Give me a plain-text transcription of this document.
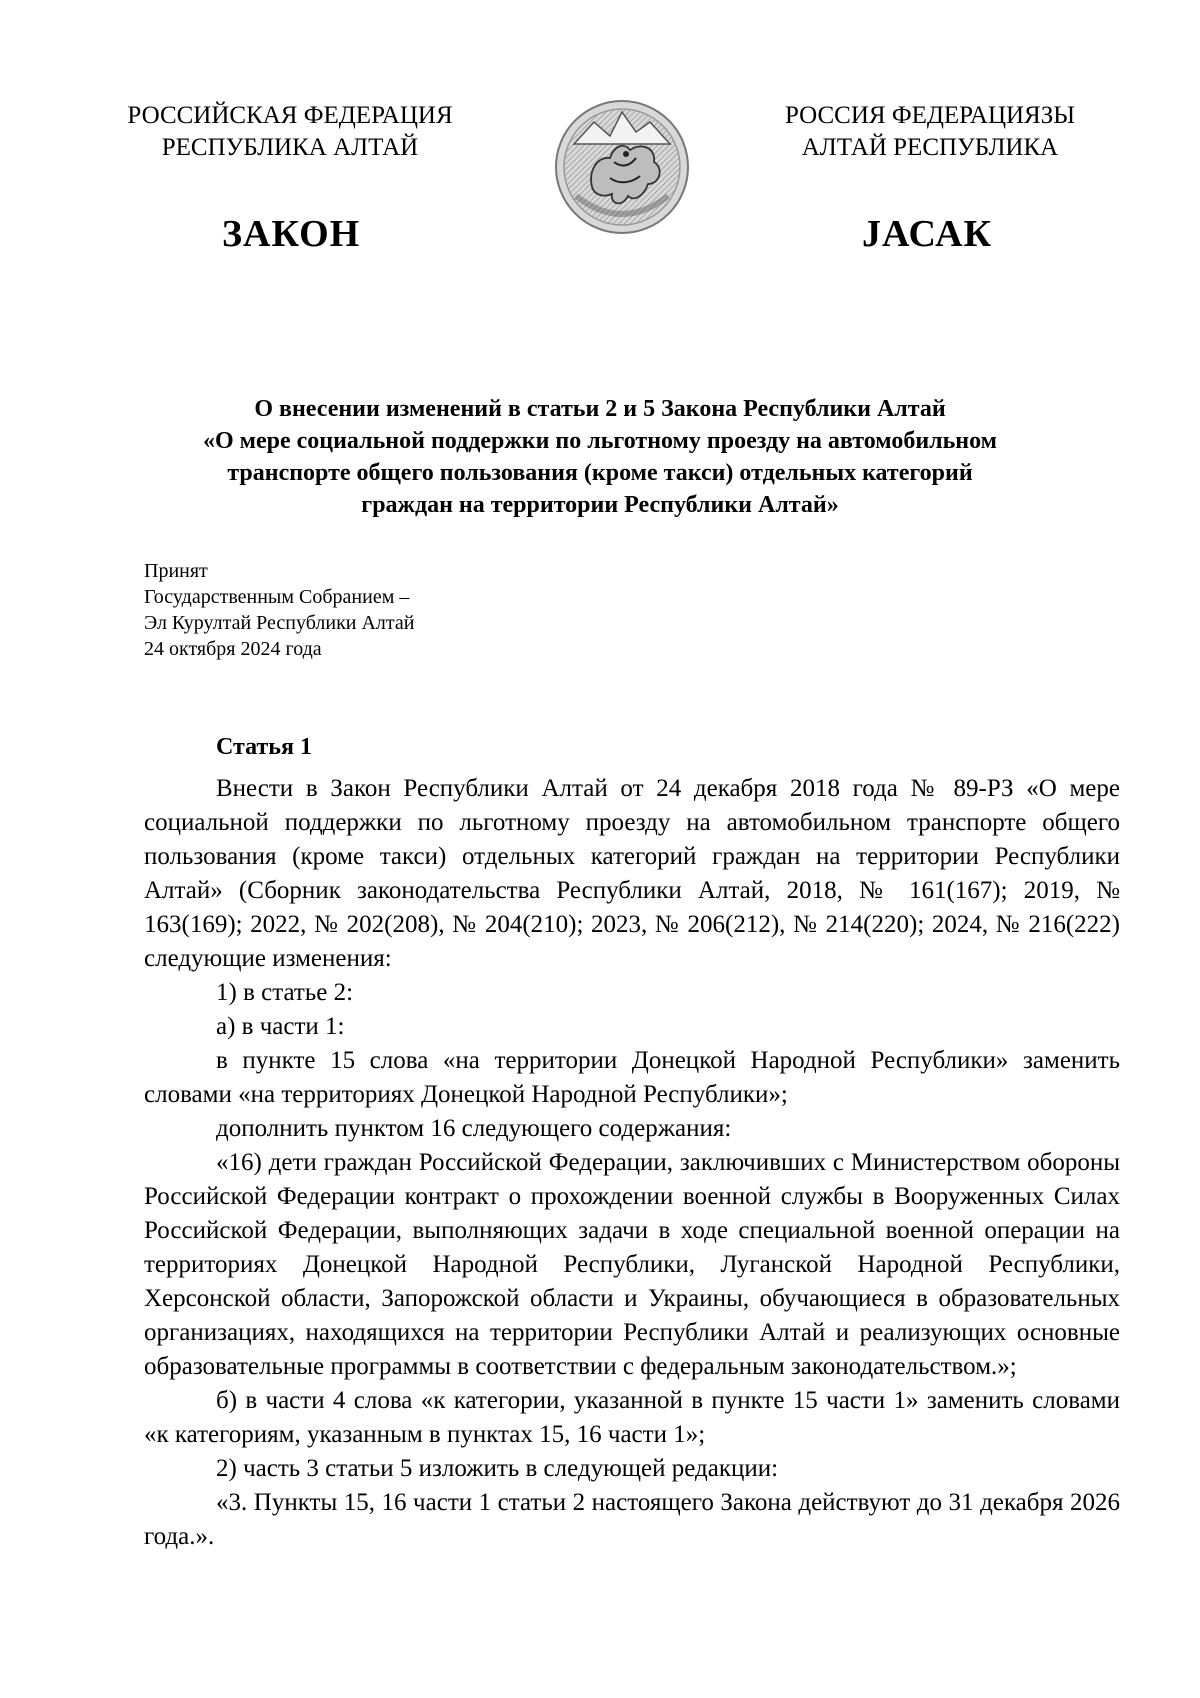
РОССИЙСКАЯ ФЕДЕРАЦИЯ
РЕСПУБЛИКА АЛТАЙ
РОССИЯ ФЕДЕРАЦИЯЗЫ
АЛТАЙ РЕСПУБЛИКА
ЗАКОН	JАСАК
О внесении изменений в статьи 2 и 5 Закона Республики Алтай
«О мере социальной поддержки по льготному проезду на автомобильном
транспорте общего пользования (кроме такси) отдельных категорий
граждан на территории Республики Алтай»
Принят
Государственным Собранием –
Эл Курултай Республики Алтай
24 октября 2024 года
Статья 1

Внести в Закон Республики Алтай от 24 декабря 2018 года № 89-РЗ «О мере социальной поддержки по льготному проезду на автомобильном транспорте общего пользования (кроме такси) отдельных категорий граждан на территории Республики Алтай» (Сборник законодательства Республики Алтай, 2018, № 161(167); 2019, № 163(169); 2022, № 202(208), № 204(210); 2023, № 206(212), № 214(220); 2024, № 216(222) следующие изменения:

1) в статье 2:

а) в части 1:

в пункте 15 слова «на территории Донецкой Народной Республики» заменить словами «на территориях Донецкой Народной Республики»;

дополнить пунктом 16 следующего содержания:

«16) дети граждан Российской Федерации, заключивших с Министерством обороны Российской Федерации контракт о прохождении военной службы в Вооруженных Силах Российской Федерации, выполняющих задачи в ходе специальной военной операции на территориях Донецкой Народной Республики, Луганской Народной Республики, Херсонской области, Запорожской области и Украины, обучающиеся в образовательных организациях, находящихся на территории Республики Алтай и реализующих основные образовательные программы в соответствии с федеральным законодательством.»;

б) в части 4 слова «к категории, указанной в пункте 15 части 1» заменить словами «к категориям, указанным в пунктах 15, 16 части 1»;

2) часть 3 статьи 5 изложить в следующей редакции:

«3. Пункты 15, 16 части 1 статьи 2 настоящего Закона действуют до 31 декабря 2026 года.».
